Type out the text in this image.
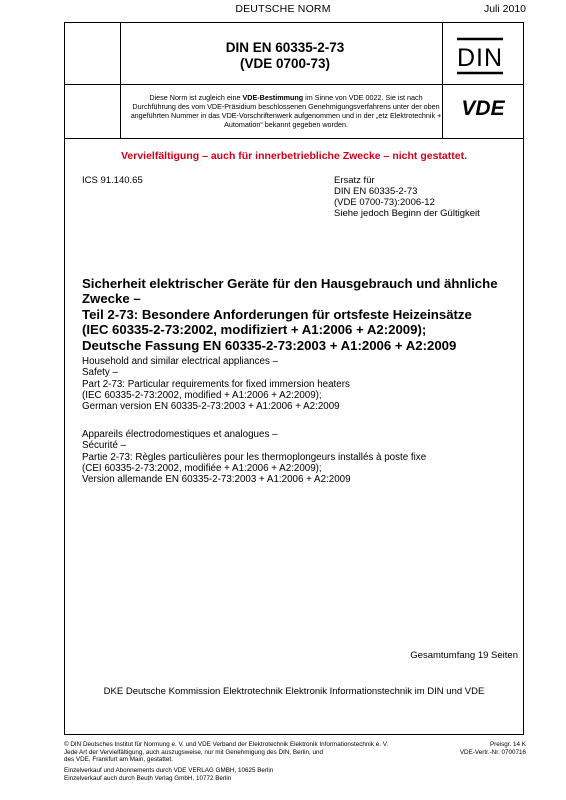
DEUTSCHE NORM	Juli 2010
DIN EN 60335-2-73
(VDE 0700-73)	DIN
VDE
Diese Norm ist zugleich eine VDE-Bestimmung im Sinne von VDE 0022. Sie ist nach Durchführung des vom VDE-Präsidium beschlossenen Genehmigungsverfahrens unter der oben angeführten Nummer in das VDE-Vorschriftenwerk aufgenommen und in der „etz Elektrotechnik + Automation“ bekannt gegeben worden.
Vervielfältigung – auch für innerbetriebliche Zwecke – nicht gestattet.
ICS 91.140.65	Ersatz für
DIN EN 60335-2-73
(VDE 0700-73):2006-12
Siehe jedoch Beginn der Gültigkeit
Sicherheit elektrischer Geräte für den Hausgebrauch und ähnliche
Zwecke –
Teil 2-73: Besondere Anforderungen für ortsfeste Heizeinsätze
(IEC 60335-2-73:2002, modifiziert + A1:2006 + A2:2009);
Deutsche Fassung EN 60335-2-73:2003 + A1:2006 + A2:2009
Household and similar electrical appliances –
Safety –
Part 2-73: Particular requirements for fixed immersion heaters
(IEC 60335-2-73:2002, modified + A1:2006 + A2:2009);
German version EN 60335-2-73:2003 + A1:2006 + A2:2009
Appareils électrodomestiques et analogues –
Sécurité –
Partie 2-73: Règles particulières pour les thermoplongeurs installés à poste fixe
(CEI 60335-2-73:2002, modifiée + A1:2006 + A2:2009);
Version allemande EN 60335-2-73:2003 + A1:2006 + A2:2009
Gesamtumfang 19 Seiten
DKE Deutsche Kommission Elektrotechnik Elektronik Informationstechnik im DIN und VDE
© DIN Deutsches Institut für Normung e. V. und VDE Verband der Elektrotechnik Elektronik Informationstechnik e. V.
Jede Art der Vervielfältigung, auch auszugsweise, nur mit Genehmigung des DIN, Berlin, und
des VDE, Frankfurt am Main, gestattet.
Preisgr. 14 K
VDE-Vertr.-Nr. 0700716
Einzelverkauf und Abonnements durch VDE VERLAG GMBH, 10625 Berlin
Einzelverkauf auch durch Beuth Verlag GmbH, 10772 Berlin
